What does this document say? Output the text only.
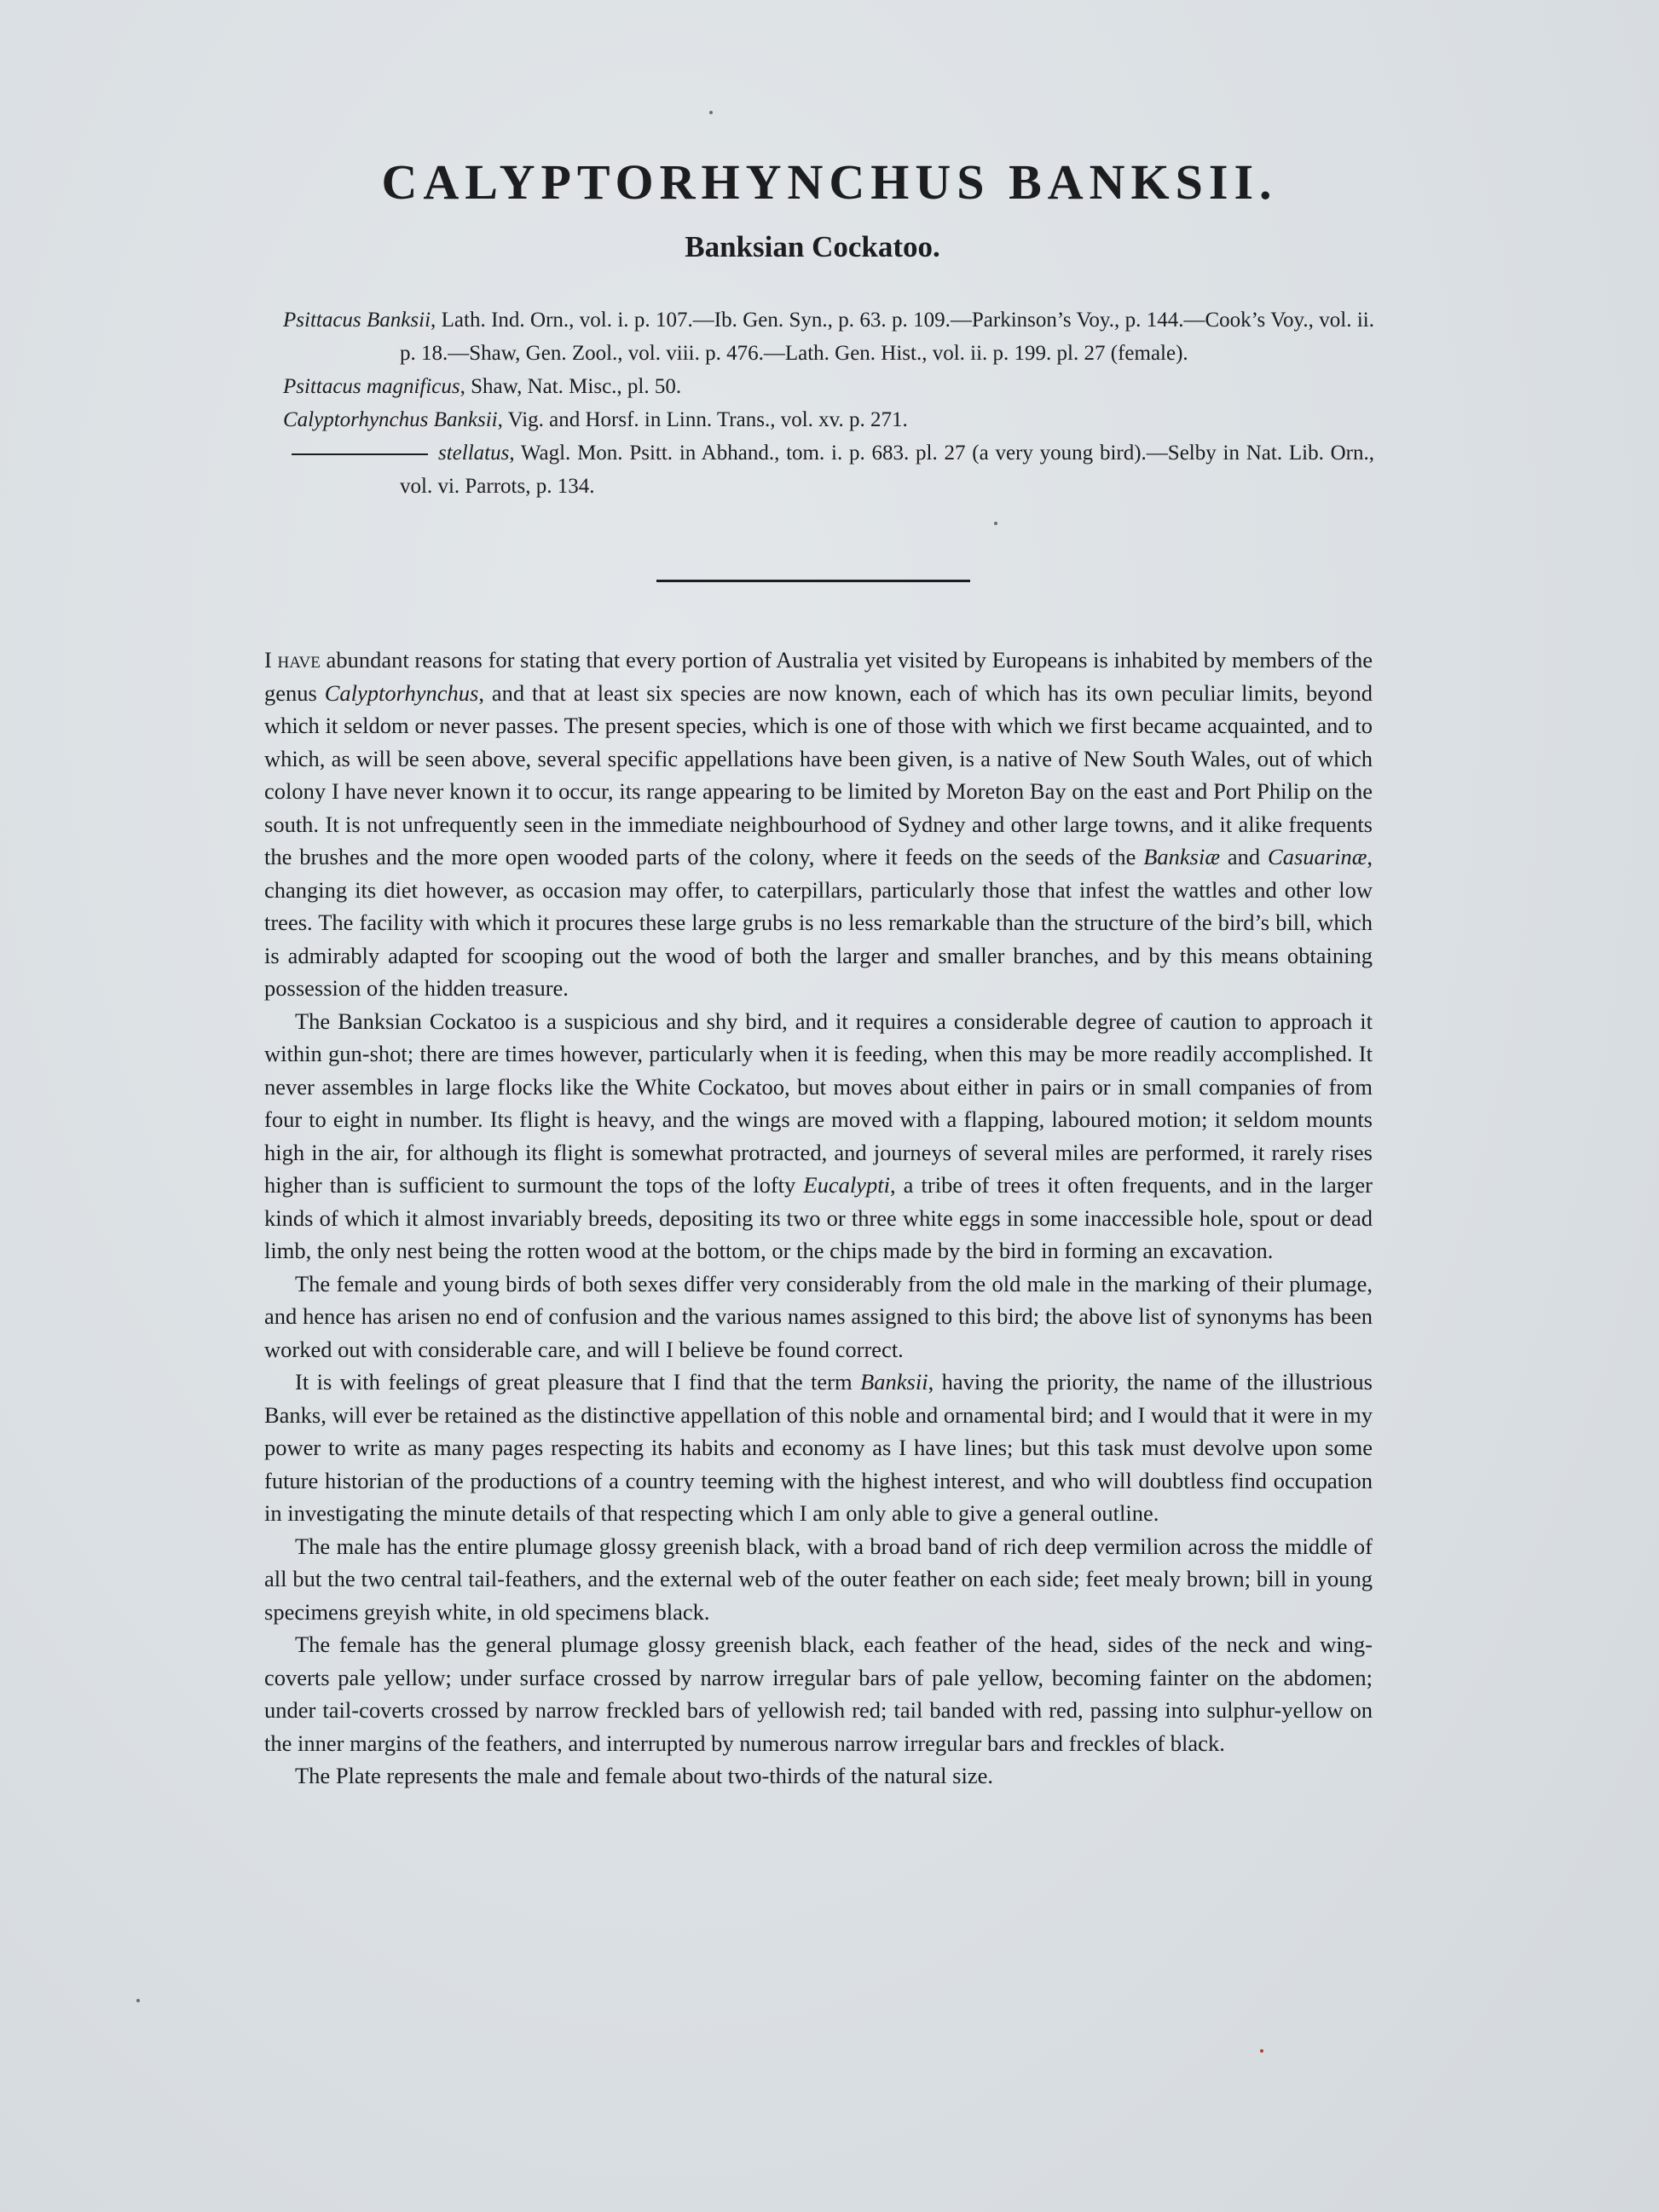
CALYPTORHYNCHUS BANKSII.
Banksian Cockatoo.

Psittacus Banksii, Lath. Ind. Orn., vol. i. p. 107.—Ib. Gen. Syn., p. 63. p. 109.—Parkinson’s Voy., p. 144.—Cook’s Voy., vol. ii. p. 18.—Shaw, Gen. Zool., vol. viii. p. 476.—Lath. Gen. Hist., vol. ii. p. 199. pl. 27 (female).

Psittacus magnificus, Shaw, Nat. Misc., pl. 50.

Calyptorhynchus Banksii, Vig. and Horsf. in Linn. Trans., vol. xv. p. 271.

stellatus, Wagl. Mon. Psitt. in Abhand., tom. i. p. 683. pl. 27 (a very young bird).—Selby in Nat. Lib. Orn., vol. vi. Parrots, p. 134.

I have abundant reasons for stating that every portion of Australia yet visited by Europeans is inhabited by members of the genus Calyptorhynchus, and that at least six species are now known, each of which has its own peculiar limits, beyond which it seldom or never passes. The present species, which is one of those with which we first became acquainted, and to which, as will be seen above, several specific appellations have been given, is a native of New South Wales, out of which colony I have never known it to occur, its range appearing to be limited by Moreton Bay on the east and Port Philip on the south. It is not unfrequently seen in the immediate neighbourhood of Sydney and other large towns, and it alike frequents the brushes and the more open wooded parts of the colony, where it feeds on the seeds of the Banksiæ and Casuarinæ, changing its diet however, as occasion may offer, to caterpillars, particularly those that infest the wattles and other low trees. The facility with which it procures these large grubs is no less remarkable than the structure of the bird’s bill, which is admirably adapted for scooping out the wood of both the larger and smaller branches, and by this means obtaining possession of the hidden treasure.

The Banksian Cockatoo is a suspicious and shy bird, and it requires a considerable degree of caution to approach it within gun-shot; there are times however, particularly when it is feeding, when this may be more readily accomplished. It never assembles in large flocks like the White Cockatoo, but moves about either in pairs or in small companies of from four to eight in number. Its flight is heavy, and the wings are moved with a flapping, laboured motion; it seldom mounts high in the air, for although its flight is somewhat protracted, and journeys of several miles are performed, it rarely rises higher than is sufficient to surmount the tops of the lofty Eucalypti, a tribe of trees it often frequents, and in the larger kinds of which it almost invariably breeds, depositing its two or three white eggs in some inaccessible hole, spout or dead limb, the only nest being the rotten wood at the bottom, or the chips made by the bird in forming an excavation.

The female and young birds of both sexes differ very considerably from the old male in the marking of their plumage, and hence has arisen no end of confusion and the various names assigned to this bird; the above list of synonyms has been worked out with considerable care, and will I believe be found correct.

It is with feelings of great pleasure that I find that the term Banksii, having the priority, the name of the illustrious Banks, will ever be retained as the distinctive appellation of this noble and ornamental bird; and I would that it were in my power to write as many pages respecting its habits and economy as I have lines; but this task must devolve upon some future historian of the productions of a country teeming with the highest interest, and who will doubtless find occupation in investigating the minute details of that respecting which I am only able to give a general outline.

The male has the entire plumage glossy greenish black, with a broad band of rich deep vermilion across the middle of all but the two central tail-feathers, and the external web of the outer feather on each side; feet mealy brown; bill in young specimens greyish white, in old specimens black.

The female has the general plumage glossy greenish black, each feather of the head, sides of the neck and wing-coverts pale yellow; under surface crossed by narrow irregular bars of pale yellow, becoming fainter on the abdomen; under tail-coverts crossed by narrow freckled bars of yellowish red; tail banded with red, passing into sulphur-yellow on the inner margins of the feathers, and interrupted by numerous narrow irregular bars and freckles of black.

The Plate represents the male and female about two-thirds of the natural size.
